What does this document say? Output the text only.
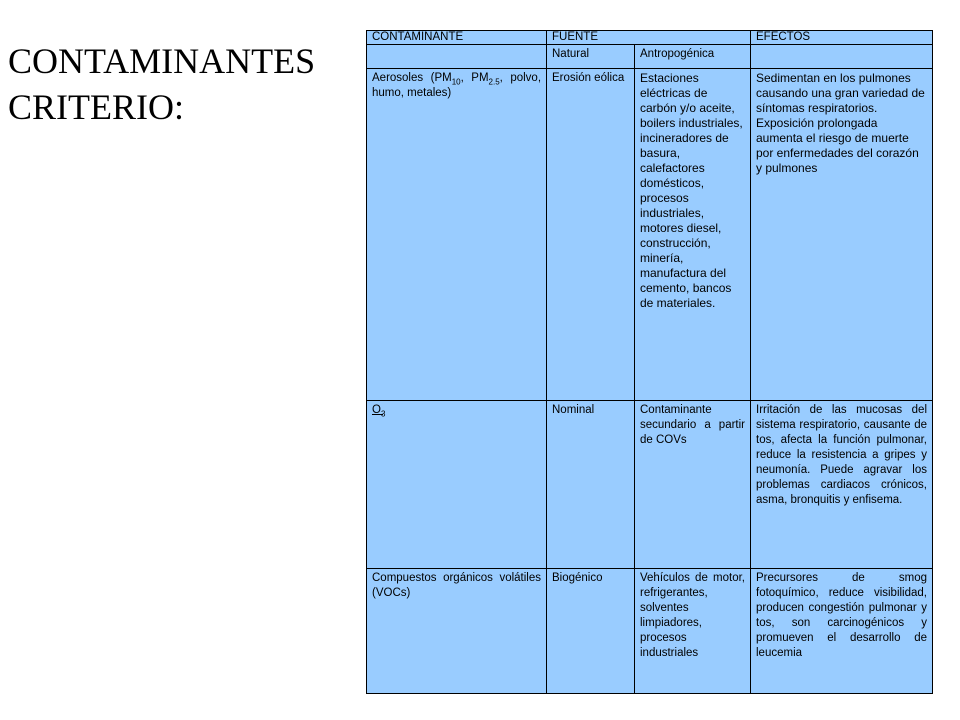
CONTAMINANTES
CRITERIO:
CONTAMINANTE	FUENTE		EFECTOS
	Natural	Antropogénica	
Aerosoles ($PM_{10}$, $PM_{2.5}$, polvo, humo, metales)	Erosión eólica	Estaciones eléctricas de carbón y/o aceite, boilers industriales, incineradores de basura, calefactores domésticos, procesos industriales, motores diesel, construcción, minería, manufactura del cemento, bancos de materiales.	Sedimentan en los pulmones causando una gran variedad de síntomas respiratorios. Exposición prolongada aumenta el riesgo de muerte por enfermedades del corazón y pulmones
$O_3$	Nominal	Contaminante secundario a partir de COVs	Irritación de las mucosas del sistema respiratorio, causante de tos, afecta la función pulmonar, reduce la resistencia a gripes y neumonía. Puede agravar los problemas cardiacos crónicos, asma, bronquitis y enfisema.
Compuestos orgánicos volátiles (VOCs)	Biogénico	Vehículos de motor, refrigerantes, solventes limpiadores, procesos industriales	Precursores de smog fotoquímico, reduce visibilidad, producen congestión pulmonar y tos, son carcinogénicos y promueven el desarrollo de leucemia
